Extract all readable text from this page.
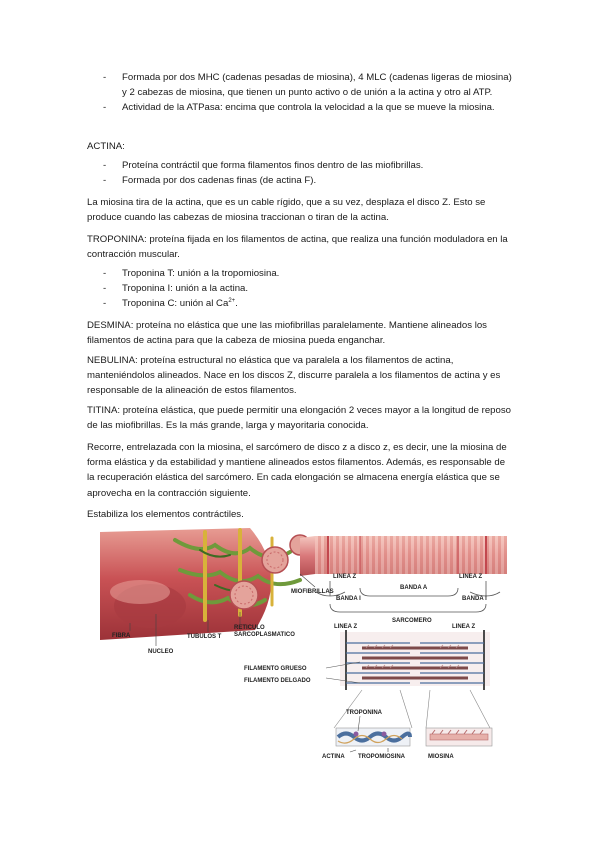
- Formada por dos MHC (cadenas pesadas de miosina), 4 MLC (cadenas ligeras de miosina) y 2 cabezas de miosina, que tienen un punto activo o de unión a la actina y otro al ATP.
- Actividad de la ATPasa: encima que controla la velocidad a la que se mueve la miosina.

ACTINA:

- Proteína contráctil que forma filamentos finos dentro de las miofibrillas.
- Formada por dos cadenas finas (de actina F).

La miosina tira de la actina, que es un cable rígido, que a su vez, desplaza el disco Z. Esto se produce cuando las cabezas de miosina traccionan o tiran de la actina.

TROPONINA: proteína fijada en los filamentos de actina, que realiza una función moduladora en la contracción muscular.

- Troponina T: unión a la tropomiosina.
- Troponina I: unión a la actina.
- Troponina C: unión al $Ca^{2+}$.

DESMINA: proteína no elástica que une las miofibrillas paralelamente. Mantiene alineados los filamentos de actina para que la cabeza de miosina pueda enganchar.

NEBULINA: proteína estructural no elástica que va paralela a los filamentos de actina, manteniéndolos alineados. Nace en los discos Z, discurre paralela a los filamentos de actina y es responsable de la alineación de estos filamentos.

TITINA: proteína elástica, que puede permitir una elongación 2 veces mayor a la longitud de reposo de las miofibrillas. Es la más grande, larga y mayoritaria conocida.

Recorre, entrelazada con la miosina, el sarcómero de disco z a disco z, es decir, une la miosina de forma elástica y da estabilidad y mantiene alineados estos filamentos. Además, es responsable de la recuperación elástica del sarcómero. En cada elongación se almacena energía elástica que se aprovecha en la contracción siguiente.

Estabiliza los elementos contráctiles.

FIBRA
NUCLEO
TUBULOS T
RETICULO
SARCOPLASMATICO
MIOFIBRILLAS
LINEA Z
BANDA A
LINEA Z
BANDA I	BANDA I
SARCOMERO
LINEA Z	LINEA Z
FILAMENTO GRUESO
FILAMENTO DELGADO
TROPONINA
ACTINA TROPOMIOSINA	MIOSINA
